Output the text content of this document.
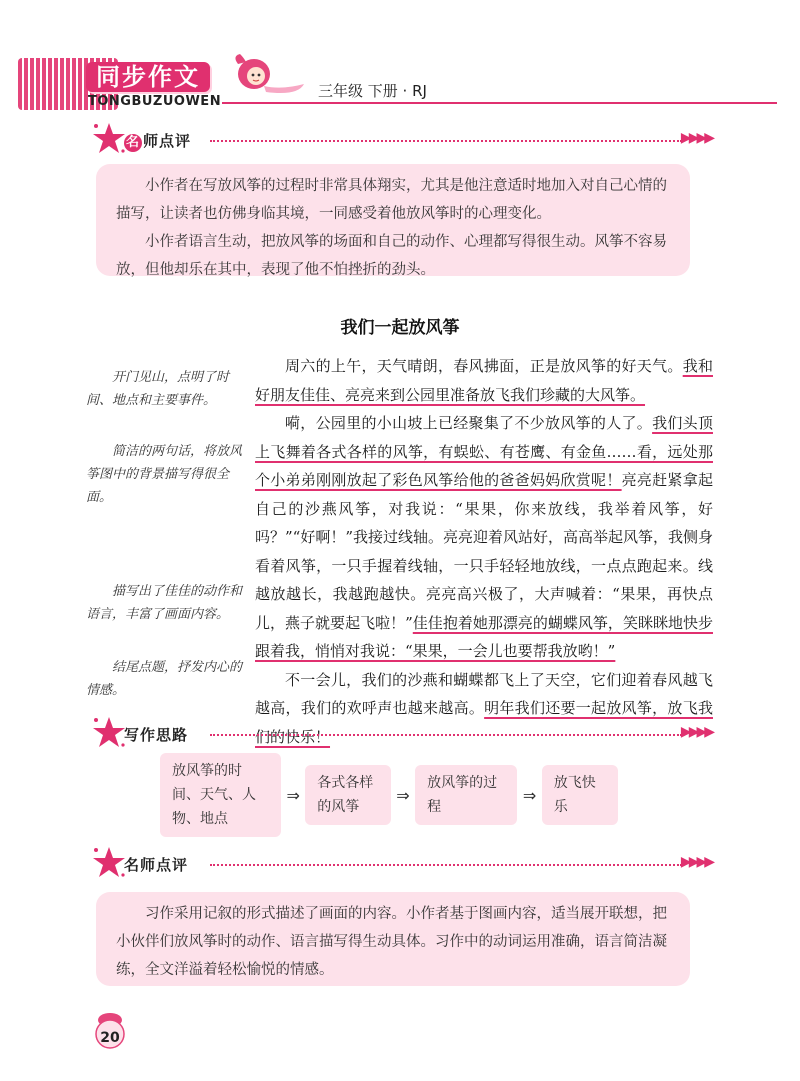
同步作文
TONGBUZUOWEN
三年级 下册 · RJ
名 师点评	▶▶▶▶

小作者在写放风筝的过程时非常具体翔实，尤其是他注意适时地加入对自己心情的描写，让读者也仿佛身临其境，一同感受着他放风筝时的心理变化。

小作者语言生动，把放风筝的场面和自己的动作、心理都写得很生动。风筝不容易放，但他却乐在其中，表现了他不怕挫折的劲头。

我们一起放风筝

周六的上午，天气晴朗，春风拂面，正是放风筝的好天气。我和好朋友佳佳、亮亮来到公园里准备放飞我们珍藏的大风筝。

嗬，公园里的小山坡上已经聚集了不少放风筝的人了。我们头顶上飞舞着各式各样的风筝，有蜈蚣、有苍鹰、有金鱼……看，远处那个小弟弟刚刚放起了彩色风筝给他的爸爸妈妈欣赏呢！亮亮赶紧拿起自己的沙燕风筝，对我说：“果果，你来放线，我举着风筝，好吗？”“好啊！”我接过线轴。亮亮迎着风站好，高高举起风筝，我侧身看着风筝，一只手握着线轴，一只手轻轻地放线，一点点跑起来。线越放越长，我越跑越快。亮亮高兴极了，大声喊着：“果果，再快点儿，燕子就要起飞啦！”佳佳抱着她那漂亮的蝴蝶风筝，笑眯眯地快步跟着我，悄悄对我说：“果果，一会儿也要帮我放哟！”

不一会儿，我们的沙燕和蝴蝶都飞上了天空，它们迎着春风越飞越高，我们的欢呼声也越来越高。明年我们还要一起放风筝，放飞我们的快乐！

开门见山，点明了时间、地点和主要事件。
简洁的两句话，将放风筝图中的背景描写得很全面。
描写出了佳佳的动作和语言，丰富了画面内容。
结尾点题，抒发内心的情感。
写作思路	▶▶▶▶
放风筝的时间、天气、人物、地点
⇒
各式各样的风筝
⇒
放风筝的过程
⇒
放飞快乐
名师点评	▶▶▶▶

习作采用记叙的形式描述了画面的内容。小作者基于图画内容，适当展开联想，把小伙伴们放风筝时的动作、语言描写得生动具体。习作中的动词运用准确，语言简洁凝练，全文洋溢着轻松愉悦的情感。

20
